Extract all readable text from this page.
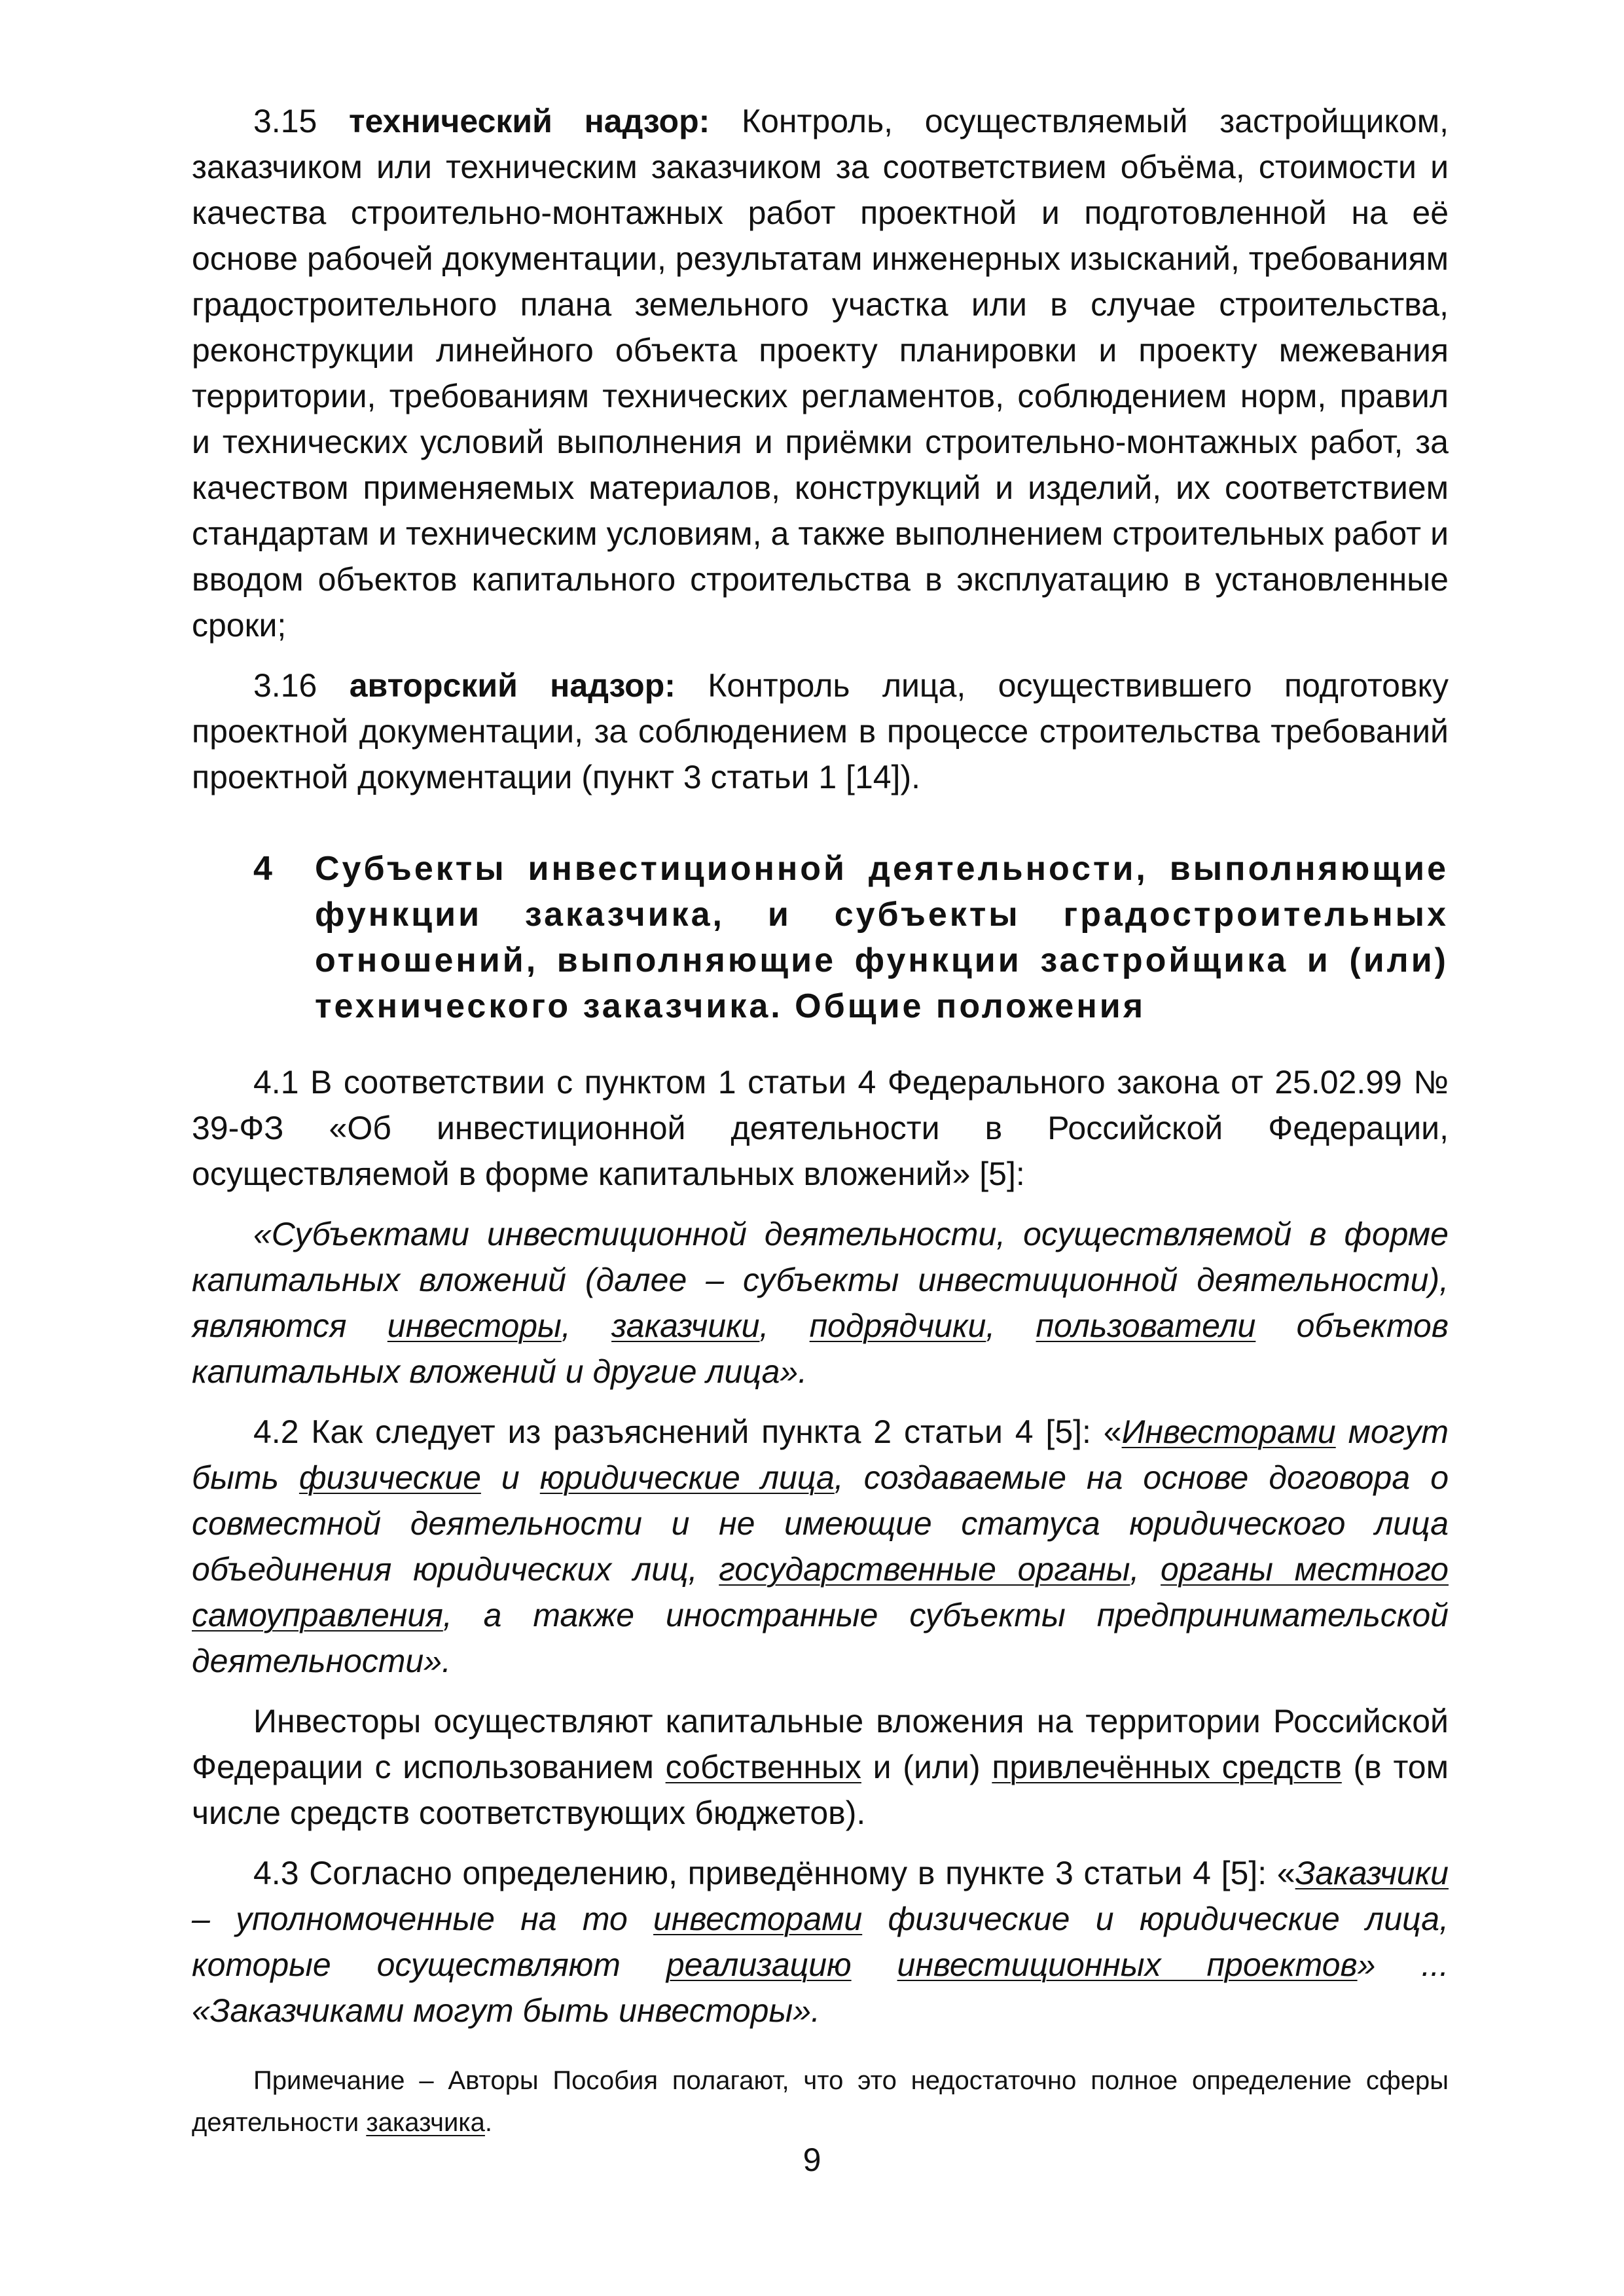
3.15 технический надзор: Контроль, осуществляемый застройщиком, заказчиком или техническим заказчиком за соответствием объёма, стоимости и качества строительно-монтажных работ проектной и подготовленной на её основе рабочей документации, результатам инженерных изысканий, требованиям градостроительного плана земельного участка или в случае строительства, реконструкции линейного объекта проекту планировки и проекту межевания территории, требованиям технических регламентов, соблюдением норм, правил и технических условий выполнения и приёмки строительно-монтажных работ, за качеством применяемых материалов, конструкций и изделий, их соответствием стандартам и техническим условиям, а также выполнением строительных работ и вводом объектов капитального строительства в эксплуатацию в установленные сроки;

3.16 авторский надзор: Контроль лица, осуществившего подготовку проектной документации, за соблюдением в процессе строительства требований проектной документации (пункт 3 статьи 1 [14]).

4	Субъекты инвестиционной деятельности, выполняющие функции заказчика, и субъекты градостроительных отношений, выполняющие функции застройщика и (или) технического заказчика. Общие положения

4.1 В соответствии с пунктом 1 статьи 4 Федерального закона от 25.02.99 № 39-ФЗ «Об инвестиционной деятельности в Российской Федерации, осуществляемой в форме капитальных вложений» [5]:

«Субъектами инвестиционной деятельности, осуществляемой в форме капитальных вложений (далее – субъекты инвестиционной деятельности), являются инвесторы, заказчики, подрядчики, пользователи объектов капитальных вложений и другие лица».

4.2 Как следует из разъяснений пункта 2 статьи 4 [5]: «Инвесторами могут быть физические и юридические лица, создаваемые на основе договора о совместной деятельности и не имеющие статуса юридического лица объединения юридических лиц, государственные органы, органы местного самоуправления, а также иностранные субъекты предпринимательской деятельности».

Инвесторы осуществляют капитальные вложения на территории Российской Федерации с использованием собственных и (или) привлечённых средств (в том числе средств соответствующих бюджетов).

4.3 Согласно определению, приведённому в пункте 3 статьи 4 [5]: «Заказчики – уполномоченные на то инвесторами физические и юридические лица, которые осуществляют реализацию инвестиционных проектов» ... «Заказчиками могут быть инвесторы».

Примечание – Авторы Пособия полагают, что это недостаточно полное определение сферы деятельности заказчика.

9
